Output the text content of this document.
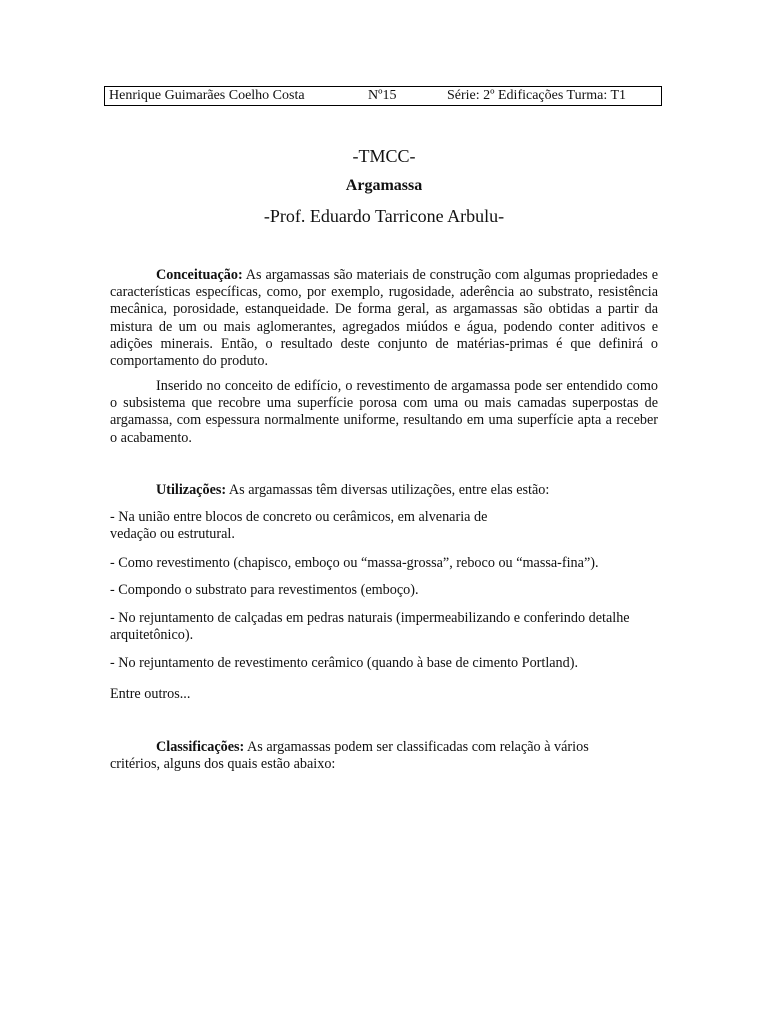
Henrique Guimarães Coelho Costa	Nº15	Série: 2º Edificações Turma: T1
-TMCC-
Argamassa
-Prof. Eduardo Tarricone Arbulu-

Conceituação: As argamassas são materiais de construção com algumas propriedades e características específicas, como, por exemplo, rugosidade, aderência ao substrato, resistência mecânica, porosidade, estanqueidade. De forma geral, as argamassas são obtidas a partir da mistura de um ou mais aglomerantes, agregados miúdos e água, podendo conter aditivos e adições minerais. Então, o resultado deste conjunto de matérias-primas é que definirá o comportamento do produto.

Inserido no conceito de edifício, o revestimento de argamassa pode ser entendido como o subsistema que recobre uma superfície porosa com uma ou mais camadas superpostas de argamassa, com espessura normalmente uniforme, resultando em uma superfície apta a receber o acabamento.

Utilizações: As argamassas têm diversas utilizações, entre elas estão:

- Na união entre blocos de concreto ou cerâmicos, em alvenaria de vedação ou estrutural.

- Como revestimento (chapisco, emboço ou “massa-grossa”, reboco ou “massa-fina”).

- Compondo o substrato para revestimentos (emboço).

- No rejuntamento de calçadas em pedras naturais (impermeabilizando e conferindo detalhe arquitetônico).

- No rejuntamento de revestimento cerâmico (quando à base de cimento Portland).

Entre outros...

Classificações: As argamassas podem ser classificadas com relação à vários critérios, alguns dos quais estão abaixo:
